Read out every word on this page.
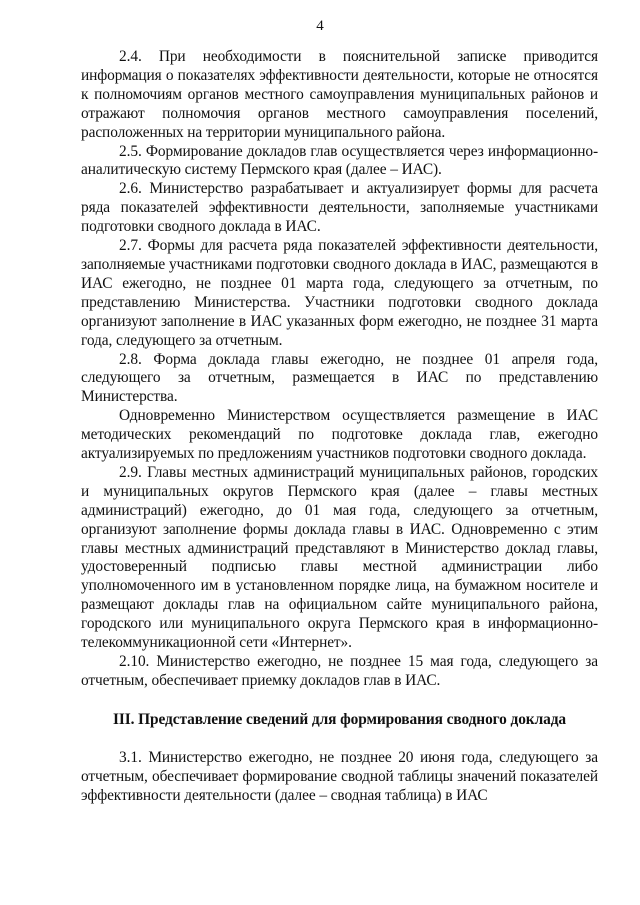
4

2.4. При необходимости в пояснительной записке приводится информация о показателях эффективности деятельности, которые не относятся к полномочиям органов местного самоуправления муниципальных районов и отражают полномочия органов местного самоуправления поселений, расположенных на территории муниципального района.

2.5. Формирование докладов глав осуществляется через информационно-аналитическую систему Пермского края (далее – ИАС).

2.6. Министерство разрабатывает и актуализирует формы для расчета ряда показателей эффективности деятельности, заполняемые участниками подготовки сводного доклада в ИАС.

2.7. Формы для расчета ряда показателей эффективности деятельности, заполняемые участниками подготовки сводного доклада в ИАС, размещаются в ИАС ежегодно, не позднее 01 марта года, следующего за отчетным, по представлению Министерства. Участники подготовки сводного доклада организуют заполнение в ИАС указанных форм ежегодно, не позднее 31 марта года, следующего за отчетным.

2.8. Форма доклада главы ежегодно, не позднее 01 апреля года, следующего за отчетным, размещается в ИАС по представлению Министерства.

Одновременно Министерством осуществляется размещение в ИАС методических рекомендаций по подготовке доклада глав, ежегодно актуализируемых по предложениям участников подготовки сводного доклада.

2.9. Главы местных администраций муниципальных районов, городских и муниципальных округов Пермского края (далее – главы местных администраций) ежегодно, до 01 мая года, следующего за отчетным, организуют заполнение формы доклада главы в ИАС. Одновременно с этим главы местных администраций представляют в Министерство доклад главы, удостоверенный подписью главы местной администрации либо уполномоченного им в установленном порядке лица, на бумажном носителе и размещают доклады глав на официальном сайте муниципального района, городского или муниципального округа Пермского края в информационно-телекоммуникационной сети «Интернет».

2.10. Министерство ежегодно, не позднее 15 мая года, следующего за отчетным, обеспечивает приемку докладов глав в ИАС.

III. Представление сведений для формирования сводного доклада

3.1. Министерство ежегодно, не позднее 20 июня года, следующего за отчетным, обеспечивает формирование сводной таблицы значений показателей эффективности деятельности (далее – сводная таблица) в ИАС
